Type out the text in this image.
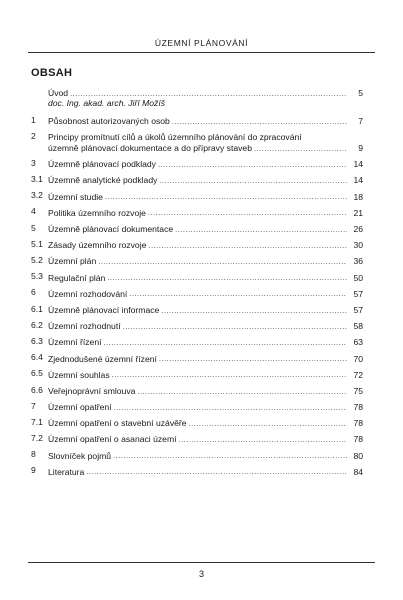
ÚZEMNÍ PLÁNOVÁNÍ
OBSAH
Úvod .....	5
doc. Ing. akad. arch. Jiří Možíš
1	Působnost autorizovaných osob .....	7
2	Principy promítnutí cílů a úkolů územního plánování do zpracování
územně plánovací dokumentace a do přípravy staveb .....	9
3	Územně plánovací podklady .....	14
3.1 Územně analytické podklady .....	14
3.2 Územní studie .....	18
4	Politika územního rozvoje .....	21
5	Územně plánovací dokumentace .....	26
5.1 Zásady územního rozvoje .....	30
5.2 Územní plán .....	36
5.3 Regulační plán .....	50
6	Územní rozhodování .....	57
6.1 Územně plánovací informace .....	57
6.2 Územní rozhodnutí .....	58
6.3 Územní řízení .....	63
6.4 Zjednodušené územní řízení .....	70
6.5 Územní souhlas .....	72
6.6 Veřejnoprávní smlouva .....	75
7	Územní opatření .....	78
7.1 Územní opatření o stavební uzávěře .....	78
7.2 Územní opatření o asanaci území .....	78
8	Slovníček pojmů .....	80
9	Literatura .....	84
3
